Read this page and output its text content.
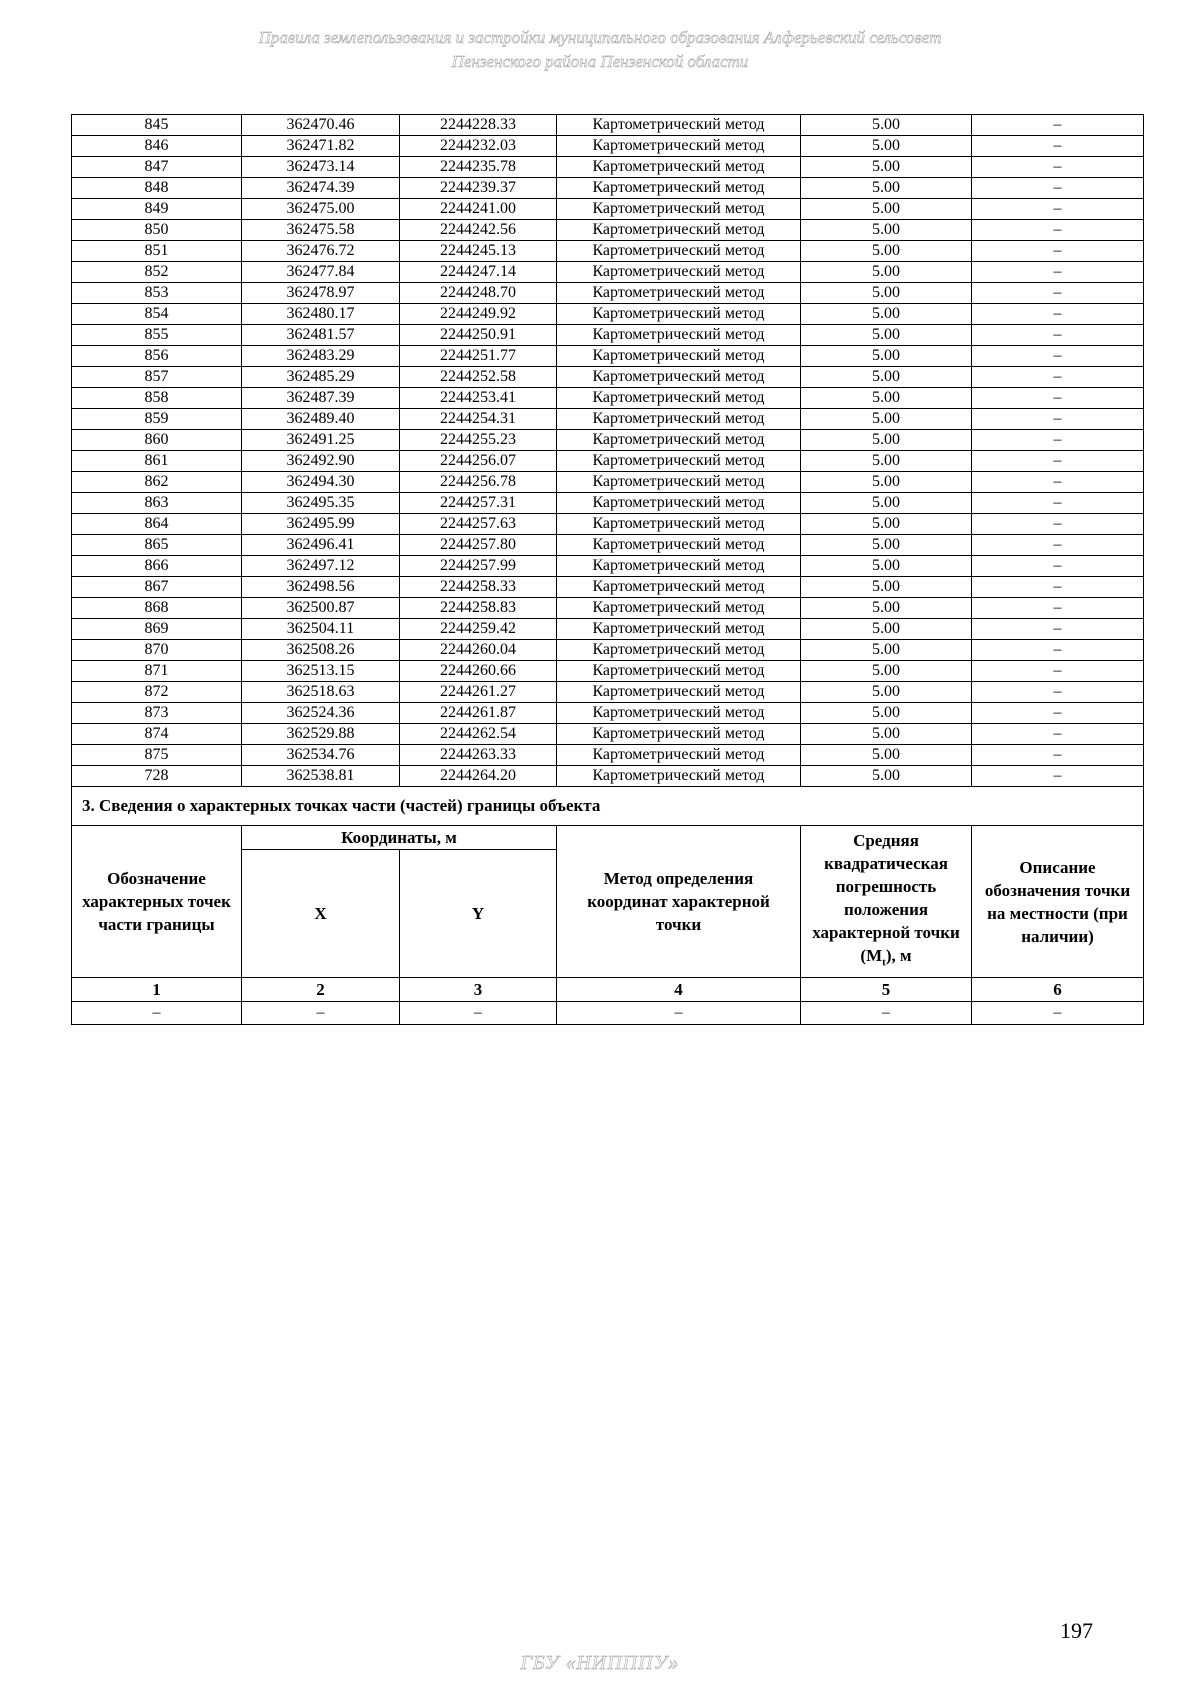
Правила землепользования и застройки муниципального образования Алферьевский сельсовет
Пензенского района Пензенской области
845	362470.46	2244228.33	Картометрический метод	5.00	–
846	362471.82	2244232.03	Картометрический метод	5.00	–
847	362473.14	2244235.78	Картометрический метод	5.00	–
848	362474.39	2244239.37	Картометрический метод	5.00	–
849	362475.00	2244241.00	Картометрический метод	5.00	–
850	362475.58	2244242.56	Картометрический метод	5.00	–
851	362476.72	2244245.13	Картометрический метод	5.00	–
852	362477.84	2244247.14	Картометрический метод	5.00	–
853	362478.97	2244248.70	Картометрический метод	5.00	–
854	362480.17	2244249.92	Картометрический метод	5.00	–
855	362481.57	2244250.91	Картометрический метод	5.00	–
856	362483.29	2244251.77	Картометрический метод	5.00	–
857	362485.29	2244252.58	Картометрический метод	5.00	–
858	362487.39	2244253.41	Картометрический метод	5.00	–
859	362489.40	2244254.31	Картометрический метод	5.00	–
860	362491.25	2244255.23	Картометрический метод	5.00	–
861	362492.90	2244256.07	Картометрический метод	5.00	–
862	362494.30	2244256.78	Картометрический метод	5.00	–
863	362495.35	2244257.31	Картометрический метод	5.00	–
864	362495.99	2244257.63	Картометрический метод	5.00	–
865	362496.41	2244257.80	Картометрический метод	5.00	–
866	362497.12	2244257.99	Картометрический метод	5.00	–
867	362498.56	2244258.33	Картометрический метод	5.00	–
868	362500.87	2244258.83	Картометрический метод	5.00	–
869	362504.11	2244259.42	Картометрический метод	5.00	–
870	362508.26	2244260.04	Картометрический метод	5.00	–
871	362513.15	2244260.66	Картометрический метод	5.00	–
872	362518.63	2244261.27	Картометрический метод	5.00	–
873	362524.36	2244261.87	Картометрический метод	5.00	–
874	362529.88	2244262.54	Картометрический метод	5.00	–
875	362534.76	2244263.33	Картометрический метод	5.00	–
728	362538.81	2244264.20	Картометрический метод	5.00	–
3. Сведения о характерных точках части (частей) границы объекта					
Обозначение характерных точек части границы	Координаты, м		Метод определения координат характерной точки	Средняя квадратическая погрешность положения характерной точки $(M_t)$, м	Описание обозначения точки на местности (при наличии)
	X	Y			
1	2	3	4	5	6
–	–	–	–	–	–
197
ГБУ «НИПППУ»
